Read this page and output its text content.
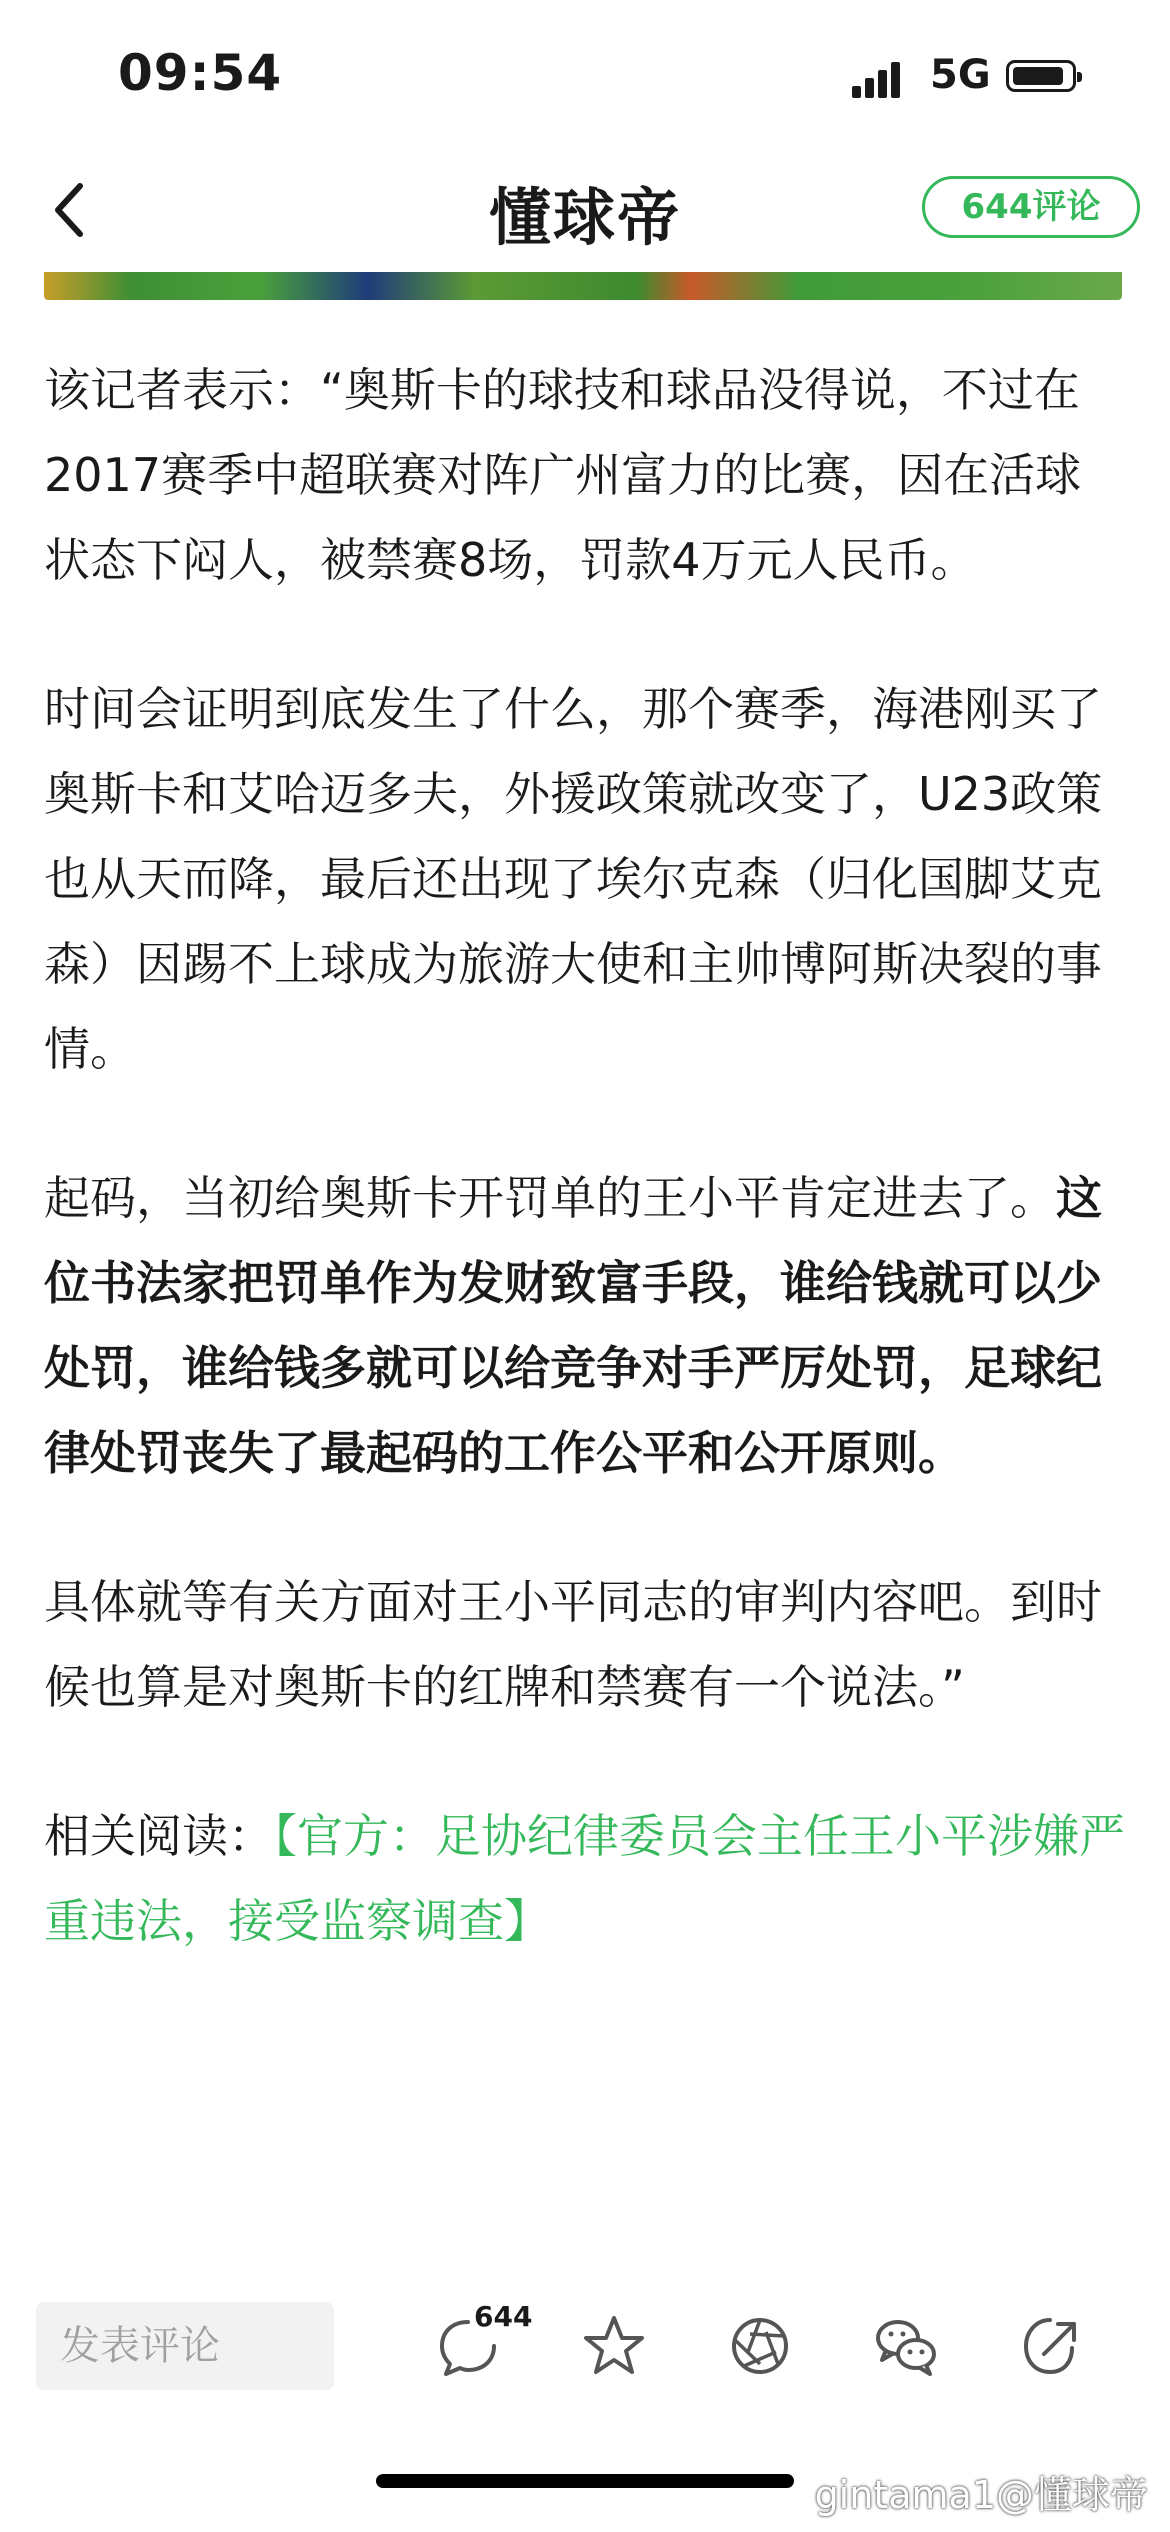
09:54	5G
懂球帝	644评论

该记者表示：“奥斯卡的球技和球品没得说，不过在2017赛季中超联赛对阵广州富力的比赛，因在活球状态下闷人，被禁赛8场，罚款4万元人民币。

时间会证明到底发生了什么，那个赛季，海港刚买了奥斯卡和艾哈迈多夫，外援政策就改变了，U23政策也从天而降，最后还出现了埃尔克森（归化国脚艾克森）因踢不上球成为旅游大使和主帅博阿斯决裂的事情。

起码，当初给奥斯卡开罚单的王小平肯定进去了。这位书法家把罚单作为发财致富手段，谁给钱就可以少处罚，谁给钱多就可以给竞争对手严厉处罚，足球纪律处罚丧失了最起码的工作公平和公开原则。

具体就等有关方面对王小平同志的审判内容吧。到时候也算是对奥斯卡的红牌和禁赛有一个说法。”

相关阅读：【官方：足协纪律委员会主任王小平涉嫌严重违法，接受监察调查】

发表评论
644
gintama1@懂球帝
